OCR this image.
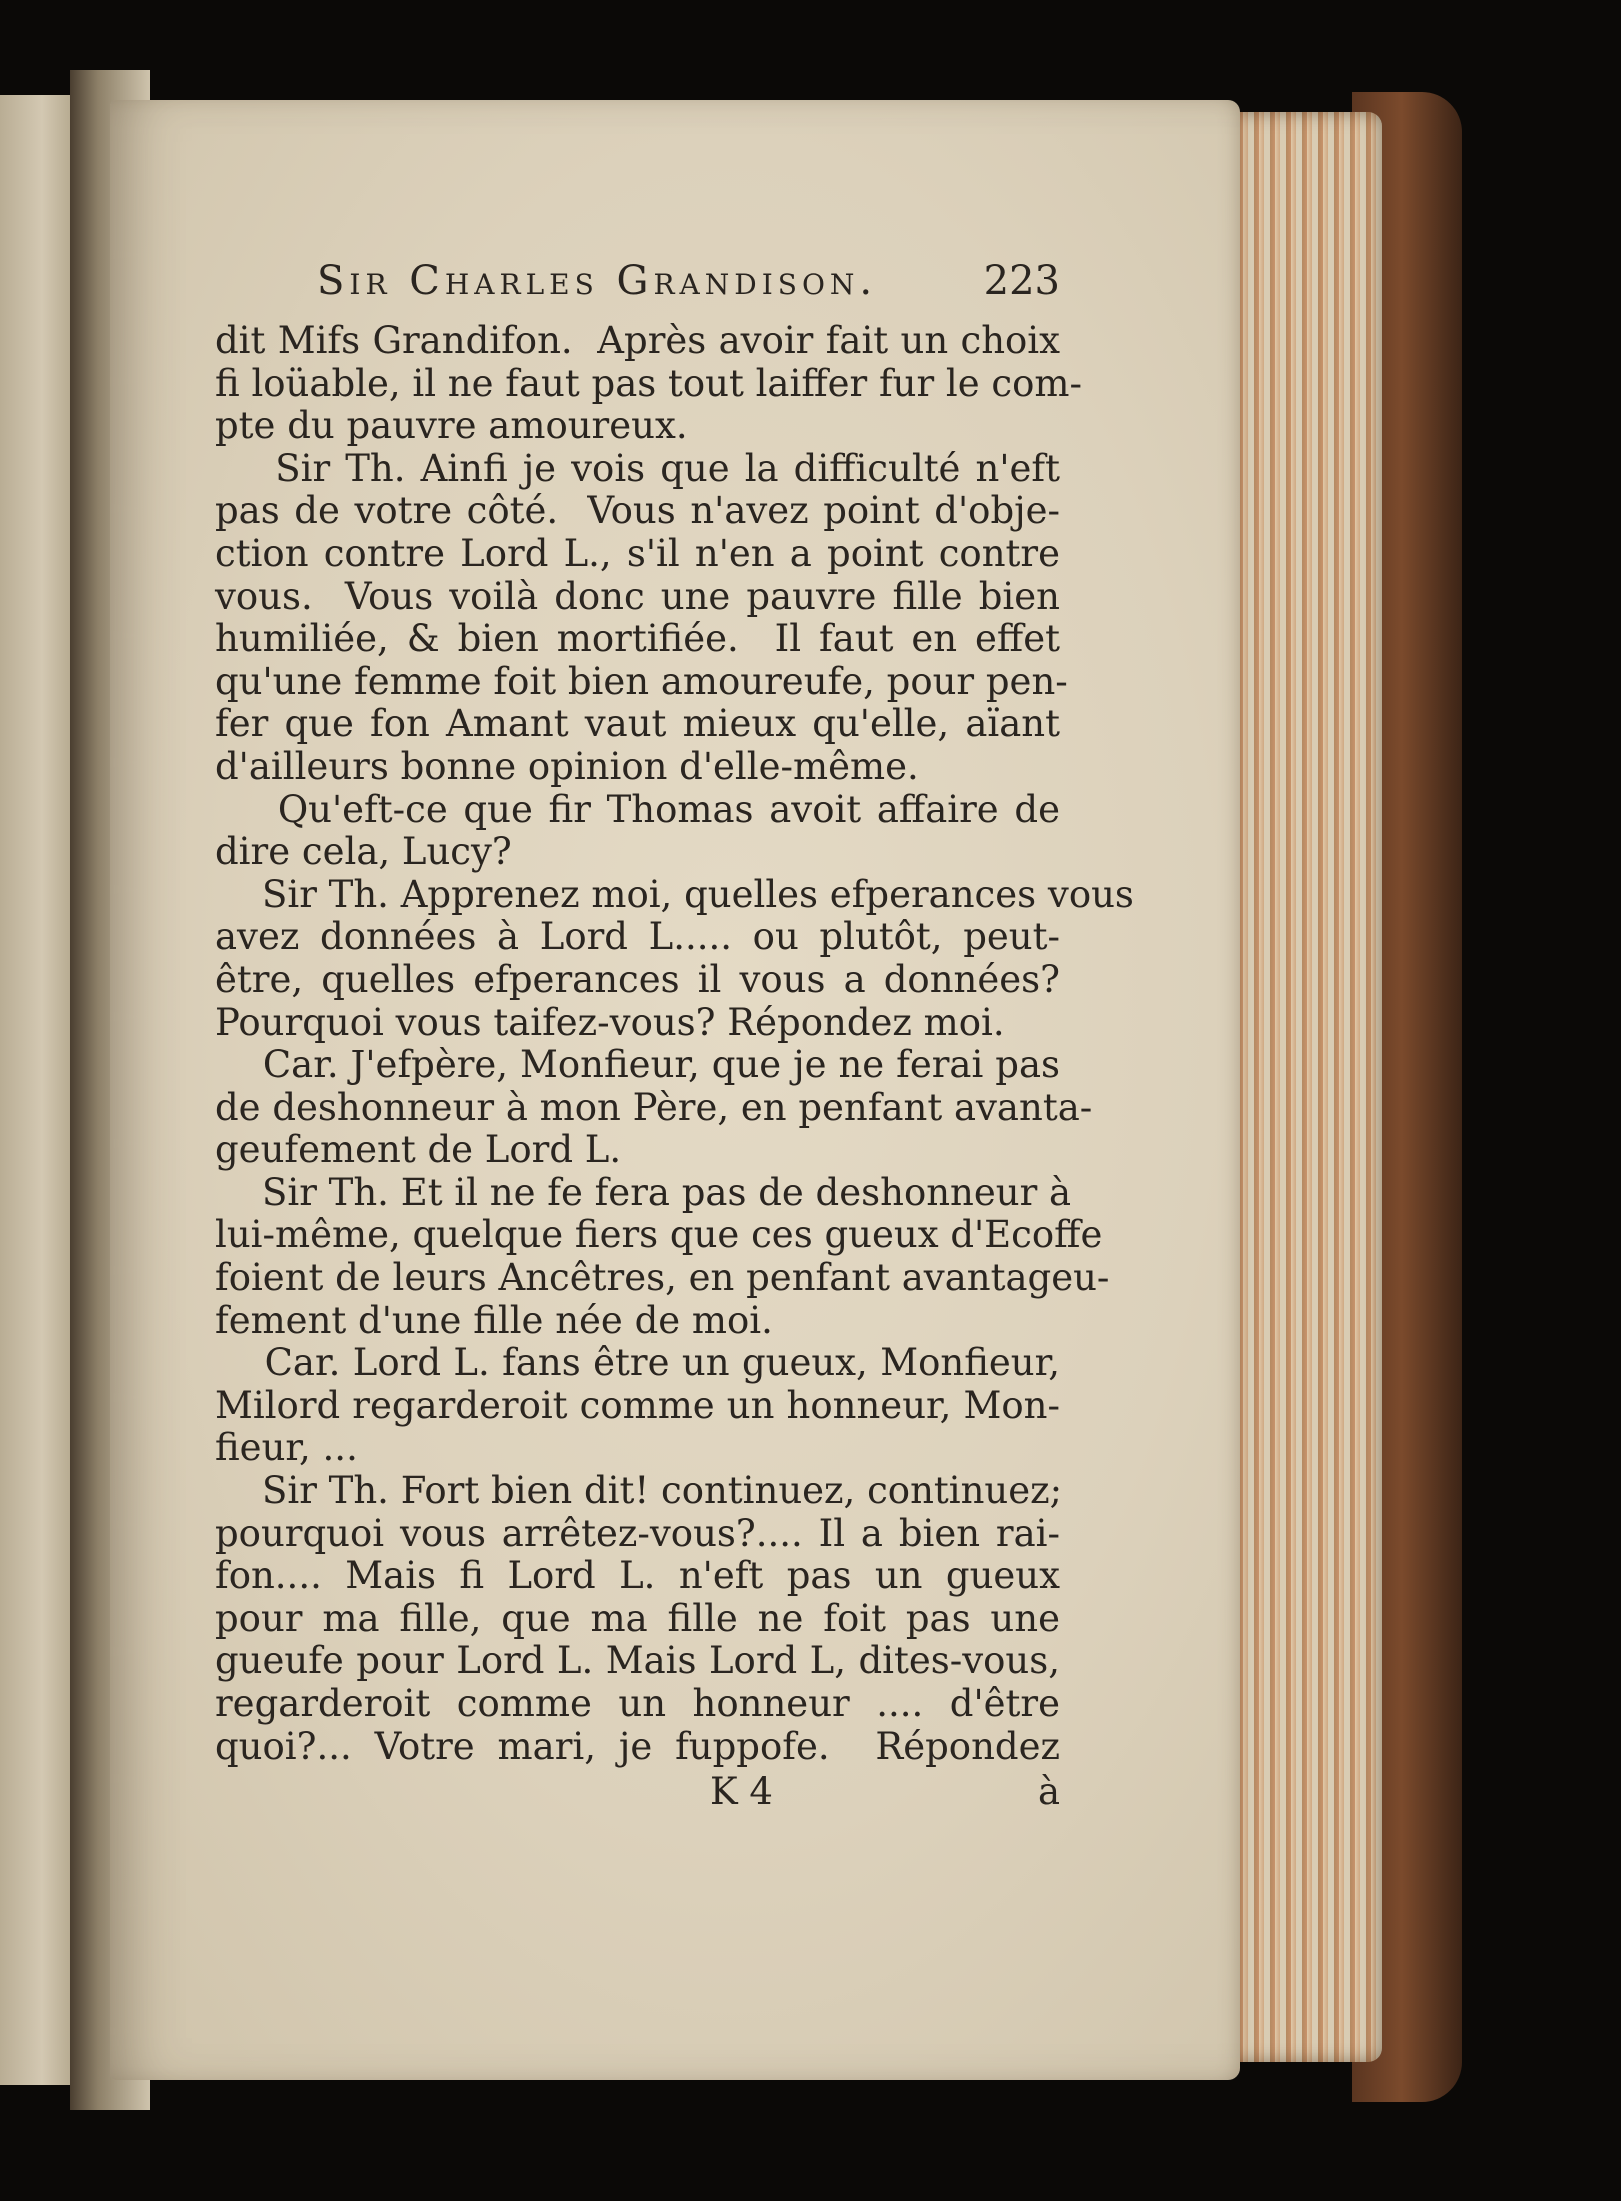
Sir Charles Grandison.	223
dit Mifs Grandifon.  Après avoir fait un choix
fi loüable, il ne faut pas tout laiffer fur le com-
pte du pauvre amoureux.
Sir Th. Ainfi je vois que la difficulté n'eft
pas de votre côté.  Vous n'avez point d'obje-
ction contre Lord L., s'il n'en a point contre
vous.  Vous voilà donc une pauvre fille bien
humiliée, & bien mortifiée.  Il faut en effet
qu'une femme foit bien amoureufe, pour pen-
fer que fon Amant vaut mieux qu'elle, aïant
d'ailleurs bonne opinion d'elle-même.
Qu'eft-ce que fir Thomas avoit affaire de
dire cela, Lucy?
Sir Th. Apprenez moi, quelles efperances vous
avez données à Lord L..... ou plutôt, peut-
être, quelles efperances il vous a données?
Pourquoi vous taifez-vous? Répondez moi.
Car. J'efpère, Monfieur, que je ne ferai pas
de deshonneur à mon Père, en penfant avanta-
geufement de Lord L.
Sir Th. Et il ne fe fera pas de deshonneur à
lui-même, quelque fiers que ces gueux d'Ecoffe
foient de leurs Ancêtres, en penfant avantageu-
fement d'une fille née de moi.
Car. Lord L. fans être un gueux, Monfieur,
Milord regarderoit comme un honneur, Mon-
fieur, ...
Sir Th. Fort bien dit! continuez, continuez;
pourquoi vous arrêtez-vous?.... Il a bien rai-
fon.... Mais fi Lord L. n'eft pas un gueux
pour ma fille, que ma fille ne foit pas une
gueufe pour Lord L. Mais Lord L, dites-vous,
regarderoit comme un honneur .... d'être
quoi?... Votre mari, je fuppofe.  Répondez
K 4	à
